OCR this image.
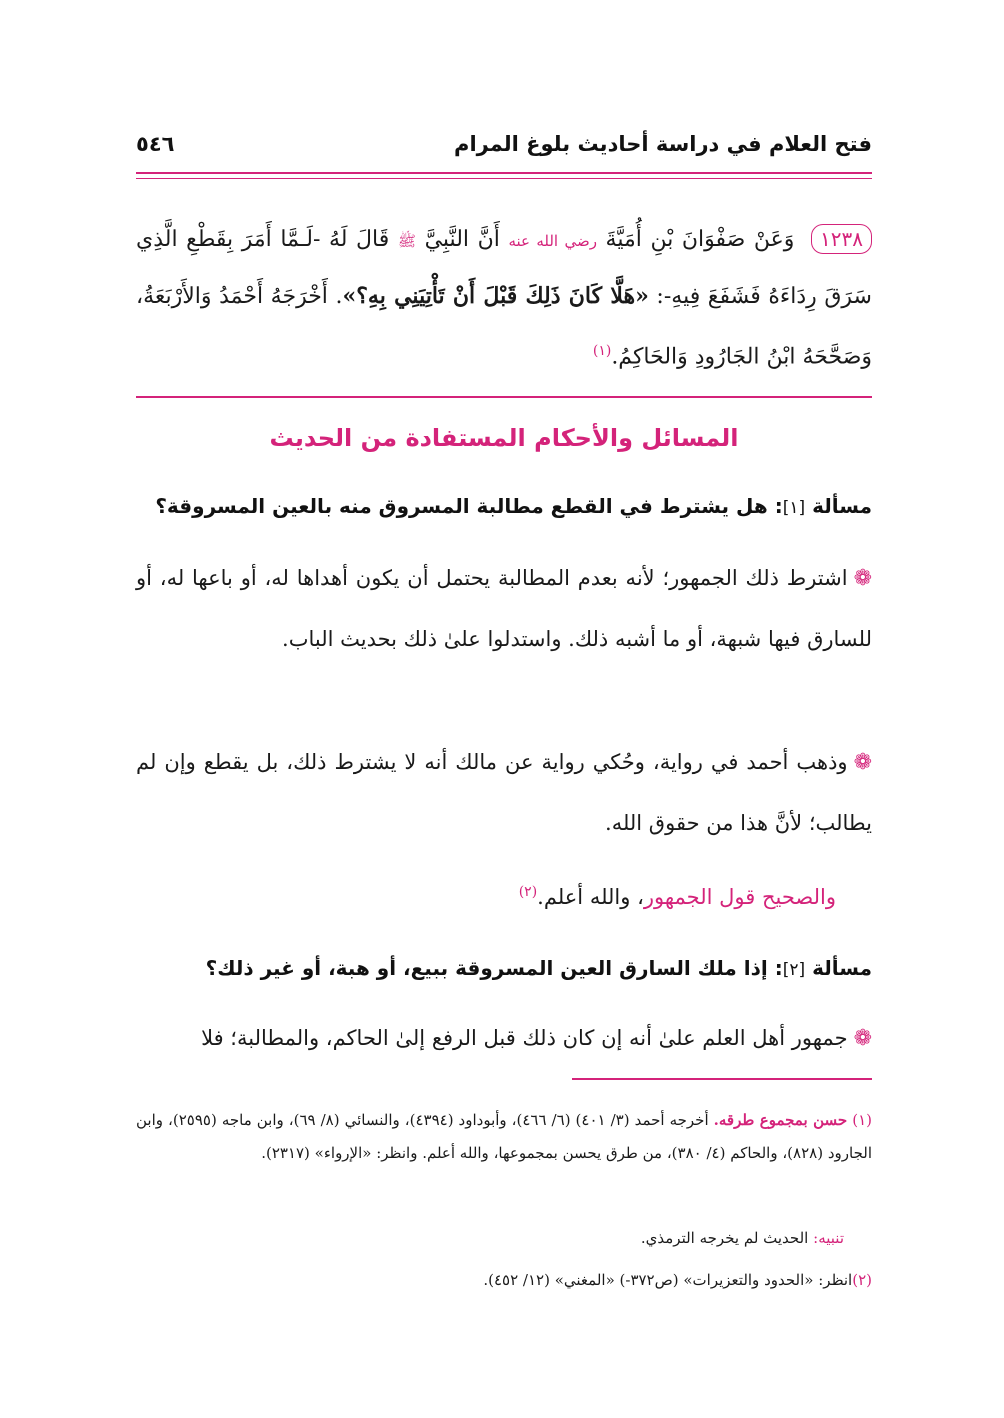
فتح العلام في دراسة أحاديث بلوغ المرام
٥٤٦
١٢٣٨ وَعَنْ صَفْوَانَ بْنِ أُمَيَّةَ رضي الله عنه أَنَّ النَّبِيَّ ﷺ قَالَ لَهُ -لَـمَّا أَمَرَ بِقَطْعِ الَّذِي سَرَقَ رِدَاءَهُ فَشَفَعَ فِيهِ-: «هَلَّا كَانَ ذَلِكَ قَبْلَ أَنْ تَأْتِيَنِي بِهِ؟». أَخْرَجَهُ أَحْمَدُ وَالأَرْبَعَةُ، وَصَحَّحَهُ ابْنُ الجَارُودِ وَالحَاكِمُ.$^{(١)}$
المسائل والأحكام المستفادة من الحديث
مسألة [١]: هل يشترط في القطع مطالبة المسروق منه بالعين المسروقة؟
❁اشترط ذلك الجمهور؛ لأنه بعدم المطالبة يحتمل أن يكون أهداها له، أو باعها له، أو للسارق فيها شبهة، أو ما أشبه ذلك. واستدلوا علىٰ ذلك بحديث الباب.
❁وذهب أحمد في رواية، وحُكي رواية عن مالك أنه لا يشترط ذلك، بل يقطع وإن لم يطالب؛ لأنَّ هذا من حقوق الله.
والصحيح قول الجمهور، والله أعلم.$^{(٢)}$
مسألة [٢]: إذا ملك السارق العين المسروقة ببيع، أو هبة، أو غير ذلك؟
❁جمهور أهل العلم علىٰ أنه إن كان ذلك قبل الرفع إلىٰ الحاكم، والمطالبة؛ فلا
(١) حسن بمجموع طرقه. أخرجه أحمد (٣/ ٤٠١) (٦/ ٤٦٦)، وأبوداود (٤٣٩٤)، والنسائي (٨/ ٦٩)، وابن ماجه (٢٥٩٥)، وابن الجارود (٨٢٨)، والحاكم (٤/ ٣٨٠)، من طرق يحسن بمجموعها، والله أعلم. وانظر: «الإرواء» (٢٣١٧).
تنبيه: الحديث لم يخرجه الترمذي.
(٢)انظر: «الحدود والتعزيرات» (ص٣٧٢-) «المغني» (١٢/ ٤٥٢).
